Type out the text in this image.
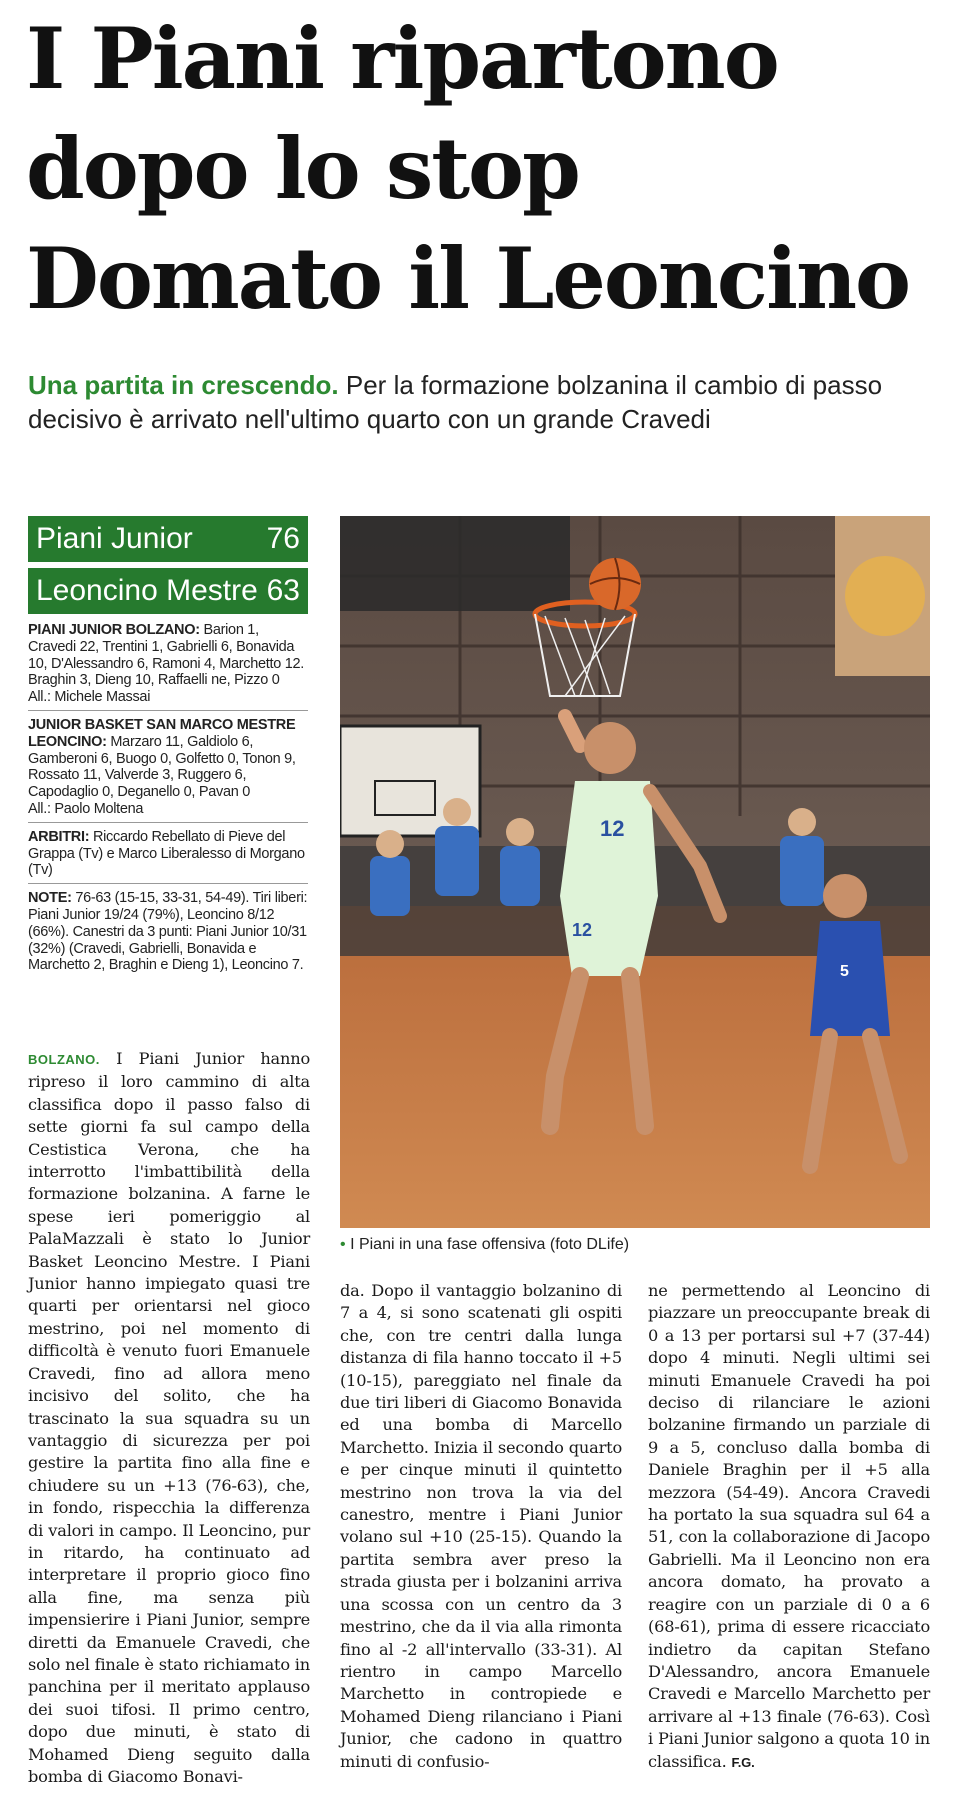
I Piani ripartono
dopo lo stop
Domato il Leoncino
Una partita in crescendo. Per la formazione bolzanina il cambio di passo decisivo è arrivato nell'ultimo quarto con un grande Cravedi
Piani Junior 76
Leoncino Mestre 63

PIANI JUNIOR BOLZANO: Barion 1, Cravedi 22, Trentini 1, Gabrielli 6, Bonavida 10, D'Alessandro 6, Ramoni 4, Marchetto 12. Braghin 3, Dieng 10, Raffaelli ne, Pizzo 0
All.: Michele Massai

JUNIOR BASKET SAN MARCO MESTRE LEONCINO: Marzaro 11, Galdiolo 6, Gamberoni 6, Buogo 0, Golfetto 0, Tonon 9, Rossato 11, Valverde 3, Ruggero 6, Capodaglio 0, Deganello 0, Pavan 0
All.: Paolo Moltena

ARBITRI: Riccardo Rebellato di Pieve del Grappa (Tv) e Marco Liberalesso di Morgano (Tv)

NOTE: 76-63 (15-15, 33-31, 54-49). Tiri liberi: Piani Junior 19/24 (79%), Leoncino 8/12 (66%). Canestri da 3 punti: Piani Junior 10/31 (32%) (Cravedi, Gabrielli, Bonavida e Marchetto 2, Braghin e Dieng 1), Leoncino 7.

12
12
5
• I Piani in una fase offensiva (foto DLife)
BOLZANO. I Piani Junior hanno ripreso il loro cammino di alta classifica dopo il passo falso di sette giorni fa sul campo della Cestistica Verona, che ha interrotto l'imbattibilità della formazione bolzanina. A farne le spese ieri pomeriggio al PalaMazzali è stato lo Junior Basket Leoncino Mestre. I Piani Junior hanno impiegato quasi tre quarti per orientarsi nel gioco mestrino, poi nel momento di difficoltà è venuto fuori Emanuele Cravedi, fino ad allora meno incisivo del solito, che ha trascinato la sua squadra su un vantaggio di sicurezza per poi gestire la partita fino alla fine e chiudere su un +13 (76-63), che, in fondo, rispecchia la differenza di valori in campo. Il Leoncino, pur in ritardo, ha continuato ad interpretare il proprio gioco fino alla fine, ma senza più impensierire i Piani Junior, sempre diretti da Emanuele Cravedi, che solo nel finale è stato richiamato in panchina per il meritato applauso dei suoi tifosi. Il primo centro, dopo due minuti, è stato di Mohamed Dieng seguito dalla bomba di Giacomo Bonavi-
da. Dopo il vantaggio bolzanino di 7 a 4, si sono scatenati gli ospiti che, con tre centri dalla lunga distanza di fila hanno toccato il +5 (10-15), pareggiato nel finale da due tiri liberi di Giacomo Bonavida ed una bomba di Marcello Marchetto. Inizia il secondo quarto e per cinque minuti il quintetto mestrino non trova la via del canestro, mentre i Piani Junior volano sul +10 (25-15). Quando la partita sembra aver preso la strada giusta per i bolzanini arriva una scossa con un centro da 3 mestrino, che da il via alla rimonta fino al -2 all'intervallo (33-31). Al rientro in campo Marcello Marchetto in contropiede e Mohamed Dieng rilanciano i Piani Junior, che cadono in quattro minuti di confusio-
ne permettendo al Leoncino di piazzare un preoccupante break di 0 a 13 per portarsi sul +7 (37-44) dopo 4 minuti. Negli ultimi sei minuti Emanuele Cravedi ha poi deciso di rilanciare le azioni bolzanine firmando un parziale di 9 a 5, concluso dalla bomba di Daniele Braghin per il +5 alla mezzora (54-49). Ancora Cravedi ha portato la sua squadra sul 64 a 51, con la collaborazione di Jacopo Gabrielli. Ma il Leoncino non era ancora domato, ha provato a reagire con un parziale di 0 a 6 (68-61), prima di essere ricacciato indietro da capitan Stefano D'Alessandro, ancora Emanuele Cravedi e Marcello Marchetto per arrivare al +13 finale (76-63). Così i Piani Junior salgono a quota 10 in classifica. F.G.
